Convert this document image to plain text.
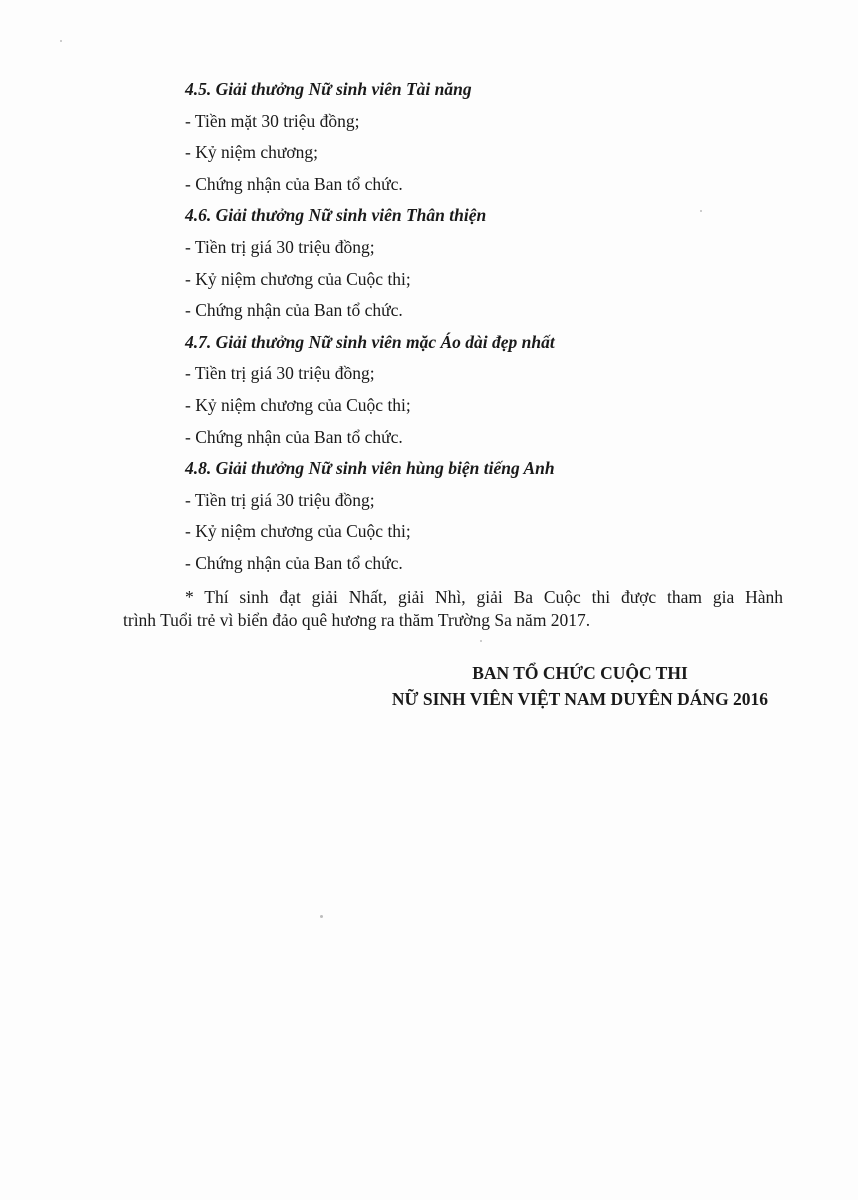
4.5. Giải thưởng Nữ sinh viên Tài năng
- Tiền mặt 30 triệu đồng;
- Kỷ niệm chương;
- Chứng nhận của Ban tổ chức.
4.6. Giải thưởng Nữ sinh viên Thân thiện
- Tiền trị giá 30 triệu đồng;
- Kỷ niệm chương của Cuộc thi;
- Chứng nhận của Ban tổ chức.
4.7. Giải thưởng Nữ sinh viên mặc Áo dài đẹp nhất
- Tiền trị giá 30 triệu đồng;
- Kỷ niệm chương của Cuộc thi;
- Chứng nhận của Ban tổ chức.
4.8. Giải thưởng Nữ sinh viên hùng biện tiếng Anh
- Tiền trị giá 30 triệu đồng;
- Kỷ niệm chương của Cuộc thi;
- Chứng nhận của Ban tổ chức.

* Thí sinh đạt giải Nhất, giải Nhì, giải Ba Cuộc thi được tham gia Hành

trình Tuổi trẻ vì biển đảo quê hương ra thăm Trường Sa năm 2017.

BAN TỔ CHỨC CUỘC THI
NỮ SINH VIÊN VIỆT NAM DUYÊN DÁNG 2016
